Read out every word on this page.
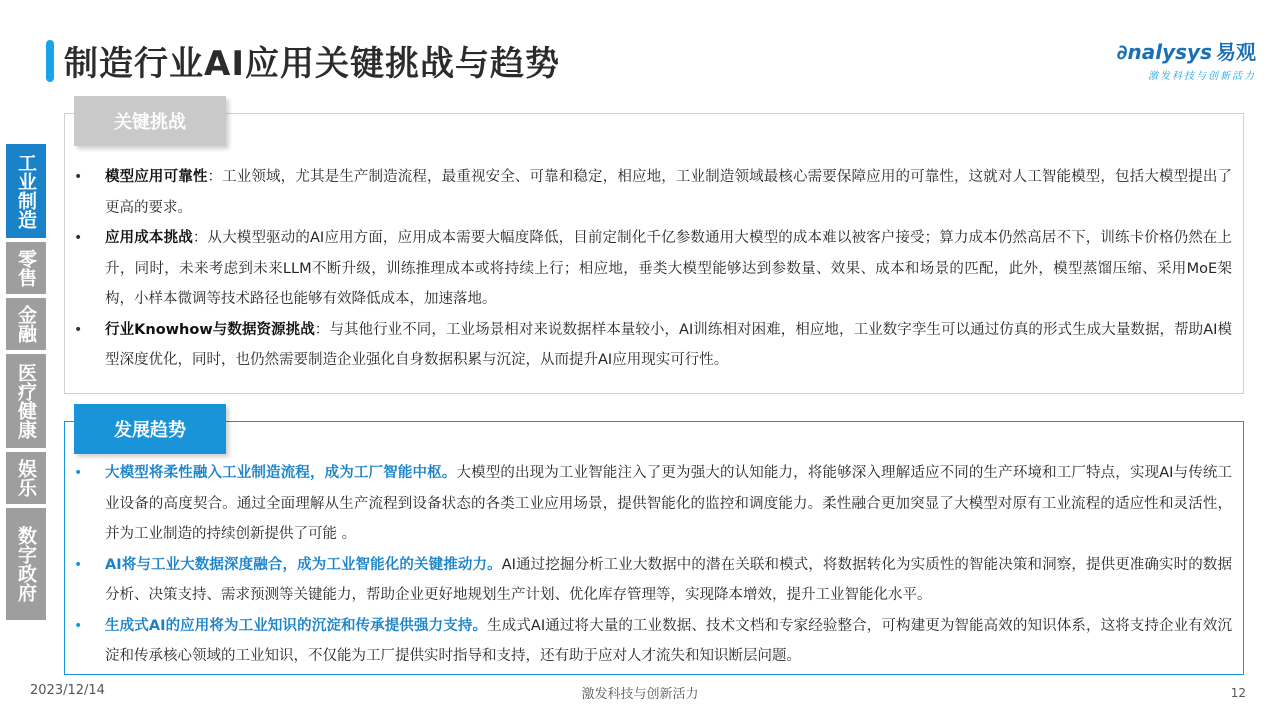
制造行业AI应用关键挑战与趋势	∂nalysys 易观
激发科技与创新活力
工业制造
零售
金融
医疗健康
娱乐
数字政府
关键挑战
• 模型应用可靠性：工业领域，尤其是生产制造流程，最重视安全、可靠和稳定，相应地，工业制造领域最核心需要保障应用的可靠性，这就对人工智能模型，包括大模型提出了更高的要求。
• 应用成本挑战：从大模型驱动的AI应用方面，应用成本需要大幅度降低，目前定制化千亿参数通用大模型的成本难以被客户接受；算力成本仍然高居不下，训练卡价格仍然在上升，同时，未来考虑到未来LLM不断升级，训练推理成本或将持续上行；相应地，垂类大模型能够达到参数量、效果、成本和场景的匹配，此外，模型蒸馏压缩、采用MoE架构，小样本微调等技术路径也能够有效降低成本，加速落地。
• 行业Knowhow与数据资源挑战：与其他行业不同，工业场景相对来说数据样本量较小，AI训练相对困难，相应地，工业数字孪生可以通过仿真的形式生成大量数据，帮助AI模型深度优化，同时，也仍然需要制造企业强化自身数据积累与沉淀，从而提升AI应用现实可行性。
发展趋势
• 大模型将柔性融入工业制造流程，成为工厂智能中枢。大模型的出现为工业智能注入了更为强大的认知能力，将能够深入理解适应不同的生产环境和工厂特点，实现AI与传统工业设备的高度契合。通过全面理解从生产流程到设备状态的各类工业应用场景，提供智能化的监控和调度能力。柔性融合更加突显了大模型对原有工业流程的适应性和灵活性，并为工业制造的持续创新提供了可能 。
• AI将与工业大数据深度融合，成为工业智能化的关键推动力。AI通过挖掘分析工业大数据中的潜在关联和模式，将数据转化为实质性的智能决策和洞察，提供更准确实时的数据分析、决策支持、需求预测等关键能力，帮助企业更好地规划生产计划、优化库存管理等，实现降本增效，提升工业智能化水平。
• 生成式AI的应用将为工业知识的沉淀和传承提供强力支持。生成式AI通过将大量的工业数据、技术文档和专家经验整合，可构建更为智能高效的知识体系，这将支持企业有效沉淀和传承核心领域的工业知识，不仅能为工厂提供实时指导和支持，还有助于应对人才流失和知识断层问题。
2023/12/14	激发科技与创新活力	12
